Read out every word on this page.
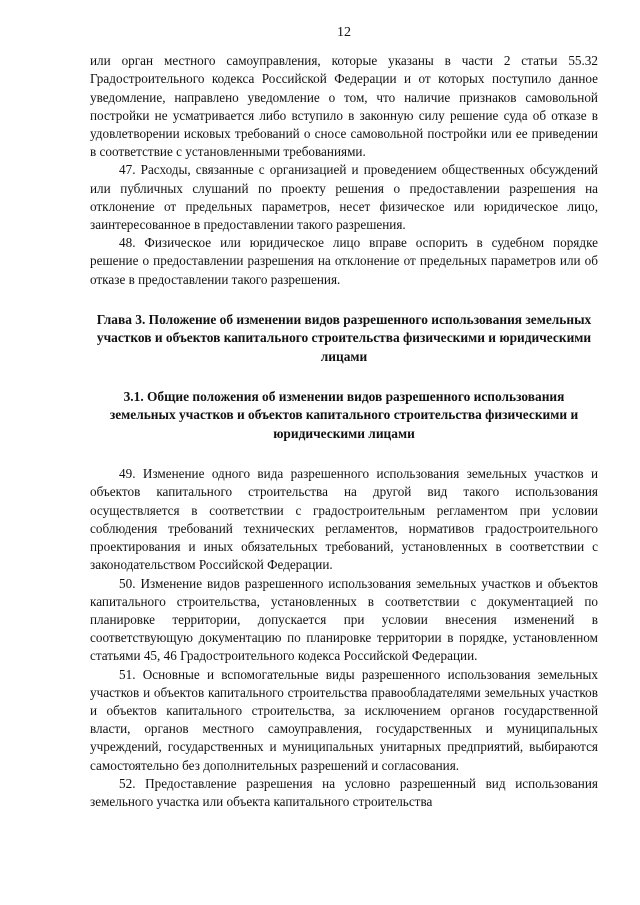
12

или орган местного самоуправления, которые указаны в части 2 статьи 55.32 Градостроительного кодекса Российской Федерации и от которых поступило данное уведомление, направлено уведомление о том, что наличие признаков самовольной постройки не усматривается либо вступило в законную силу решение суда об отказе в удовлетворении исковых требований о сносе самовольной постройки или ее приведении в соответствие с установленными требованиями.

47. Расходы, связанные с организацией и проведением общественных обсуждений или публичных слушаний по проекту решения о предоставлении разрешения на отклонение от предельных параметров, несет физическое или юридическое лицо, заинтересованное в предоставлении такого разрешения.

48. Физическое или юридическое лицо вправе оспорить в судебном порядке решение о предоставлении разрешения на отклонение от предельных параметров или об отказе в предоставлении такого разрешения.

Глава 3. Положение об изменении видов разрешенного использования земельных участков и объектов капитального строительства физическими и юридическими лицами
3.1. Общие положения об изменении видов разрешенного использования земельных участков и объектов капитального строительства физическими и юридическими лицами

49. Изменение одного вида разрешенного использования земельных участков и объектов капитального строительства на другой вид такого использования осуществляется в соответствии с градостроительным регламентом при условии соблюдения требований технических регламентов, нормативов градостроительного проектирования и иных обязательных требований, установленных в соответствии с законодательством Российской Федерации.

50. Изменение видов разрешенного использования земельных участков и объектов капитального строительства, установленных в соответствии с документацией по планировке территории, допускается при условии внесения изменений в соответствующую документацию по планировке территории в порядке, установленном статьями 45, 46 Градостроительного кодекса Российской Федерации.

51. Основные и вспомогательные виды разрешенного использования земельных участков и объектов капитального строительства правообладателями земельных участков и объектов капитального строительства, за исключением органов государственной власти, органов местного самоуправления, государственных и муниципальных учреждений, государственных и муниципальных унитарных предприятий, выбираются самостоятельно без дополнительных разрешений и согласования.

52. Предоставление разрешения на условно разрешенный вид использования земельного участка или объекта капитального строительства
